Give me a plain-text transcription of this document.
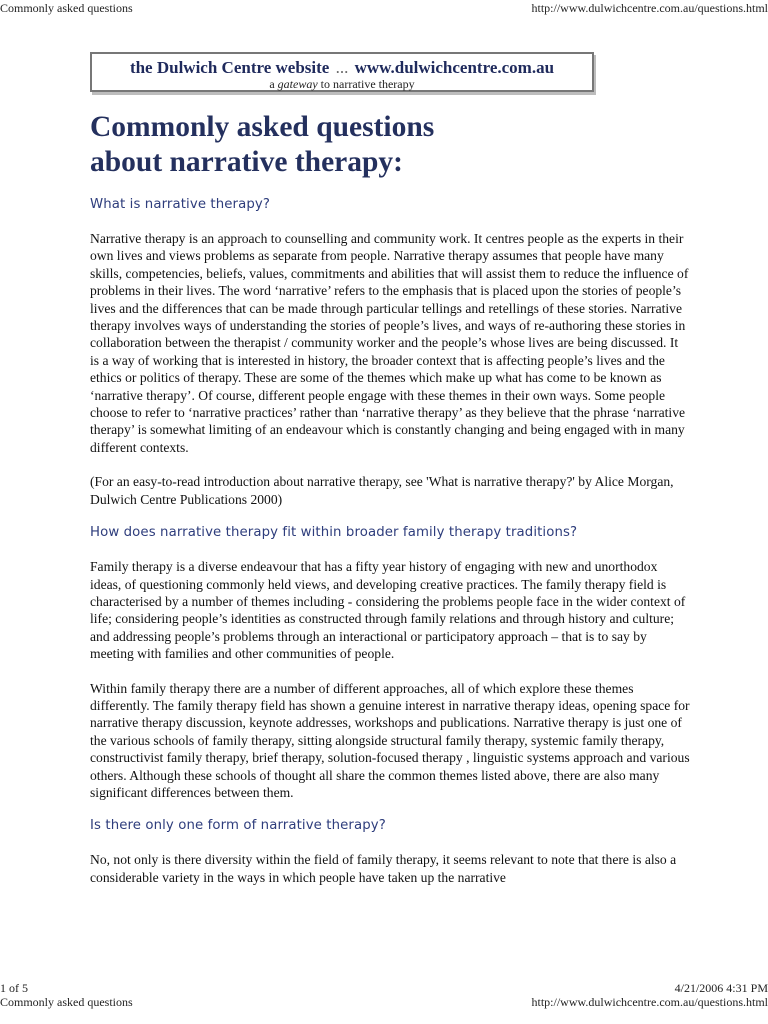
Commonly asked questions	http://www.dulwichcentre.com.au/questions.html
the Dulwich Centre website ... www.dulwichcentre.com.au
a gateway to narrative therapy
Commonly asked questions
about narrative therapy:
What is narrative therapy?

Narrative therapy is an approach to counselling and community work. It centres people as the experts in their own lives and views problems as separate from people. Narrative therapy assumes that people have many skills, competencies, beliefs, values, commitments and abilities that will assist them to reduce the influence of problems in their lives. The word ‘narrative’ refers to the emphasis that is placed upon the stories of people’s lives and the differences that can be made through particular tellings and retellings of these stories. Narrative therapy involves ways of understanding the stories of people’s lives, and ways of re-authoring these stories in collaboration between the therapist / community worker and the people’s whose lives are being discussed. It is a way of working that is interested in history, the broader context that is affecting people’s lives and the ethics or politics of therapy. These are some of the themes which make up what has come to be known as ‘narrative therapy’. Of course, different people engage with these themes in their own ways. Some people choose to refer to ‘narrative practices’ rather than ‘narrative therapy’ as they believe that the phrase ‘narrative therapy’ is somewhat limiting of an endeavour which is constantly changing and being engaged with in many different contexts.

(For an easy-to-read introduction about narrative therapy, see 'What is narrative therapy?' by Alice Morgan, Dulwich Centre Publications 2000)

How does narrative therapy fit within broader family therapy traditions?

Family therapy is a diverse endeavour that has a fifty year history of engaging with new and unorthodox ideas, of questioning commonly held views, and developing creative practices. The family therapy field is characterised by a number of themes including - considering the problems people face in the wider context of life; considering people’s identities as constructed through family relations and through history and culture; and addressing people’s problems through an interactional or participatory approach – that is to say by meeting with families and other communities of people.

Within family therapy there are a number of different approaches, all of which explore these themes differently. The family therapy field has shown a genuine interest in narrative therapy ideas, opening space for narrative therapy discussion, keynote addresses, workshops and publications. Narrative therapy is just one of the various schools of family therapy, sitting alongside structural family therapy, systemic family therapy, constructivist family therapy, brief therapy, solution-focused therapy , linguistic systems approach and various others. Although these schools of thought all share the common themes listed above, there are also many significant differences between them.

Is there only one form of narrative therapy?

No, not only is there diversity within the field of family therapy, it seems relevant to note that there is also a considerable variety in the ways in which people have taken up the narrative

1 of 5	4/21/2006 4:31 PM
Commonly asked questions	http://www.dulwichcentre.com.au/questions.html
